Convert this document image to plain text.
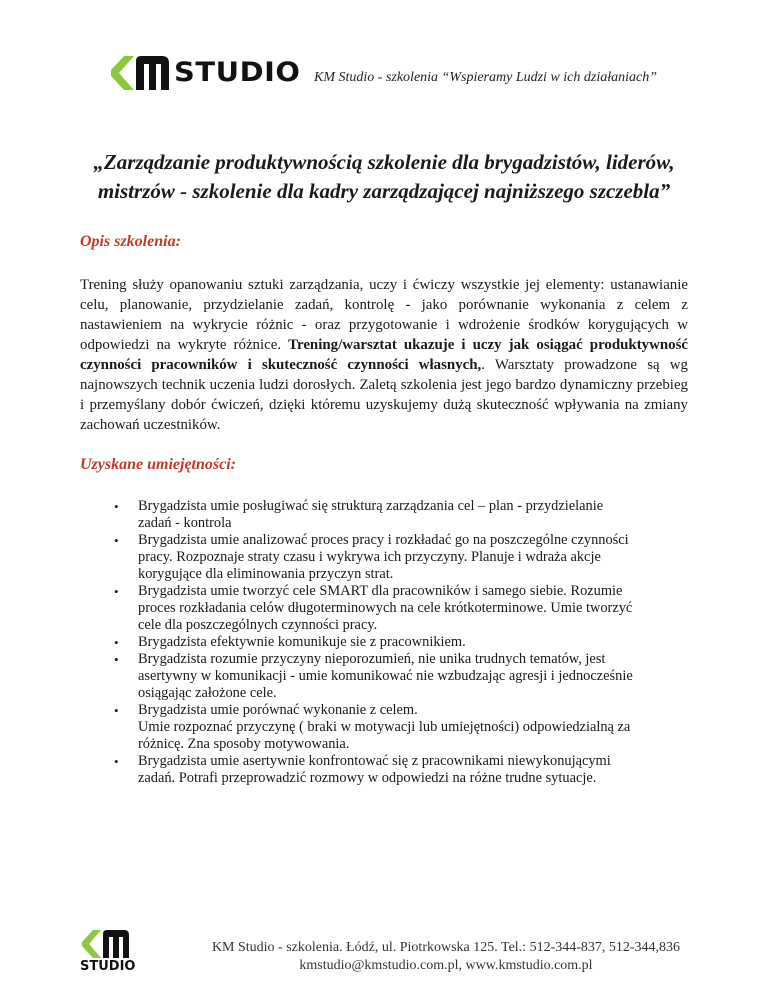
STUDIO KM Studio - szkolenia “Wspieramy Ludzi w ich działaniach”
„Zarządzanie produktywnością szkolenie dla brygadzistów, liderów,
mistrzów - szkolenie dla kadry zarządzającej najniższego szczebla”
Opis szkolenia:
Trening służy opanowaniu sztuki zarządzania, uczy i ćwiczy wszystkie jej elementy: ustanawianie celu, planowanie, przydzielanie zadań, kontrolę - jako porównanie wykonania z celem z nastawieniem na wykrycie różnic - oraz przygotowanie i wdrożenie środków korygujących w odpowiedzi na wykryte różnice. Trening/warsztat ukazuje i uczy jak osiągać produktywność czynności pracowników i skuteczność czynności własnych,. Warsztaty prowadzone są wg najnowszych technik uczenia ludzi dorosłych. Zaletą szkolenia jest jego bardzo dynamiczny przebieg i przemyślany dobór ćwiczeń, dzięki któremu uzyskujemy dużą skuteczność wpływania na zmiany zachowań uczestników.
Uzyskane umiejętności:
• Brygadzista umie posługiwać się strukturą zarządzania cel – plan - przydzielanie
zadań - kontrola
• Brygadzista umie analizować proces pracy i rozkładać go na poszczególne czynności
pracy. Rozpoznaje straty czasu i wykrywa ich przyczyny. Planuje i wdraża akcje
korygujące dla eliminowania przyczyn strat.
• Brygadzista umie tworzyć cele SMART dla pracowników i samego siebie. Rozumie
proces rozkładania celów długoterminowych na cele krótkoterminowe. Umie tworzyć
cele dla poszczególnych czynności pracy.
• Brygadzista efektywnie komunikuje sie z pracownikiem.
• Brygadzista rozumie przyczyny nieporozumień, nie unika trudnych tematów, jest
asertywny w komunikacji - umie komunikować nie wzbudzając agresji i jednocześnie
osiągając założone cele.
• Brygadzista umie porównać wykonanie z celem.
Umie rozpoznać przyczynę ( braki w motywacji lub umiejętności) odpowiedzialną za
różnicę. Zna sposoby motywowania.
• Brygadzista umie asertywnie konfrontować się z pracownikami niewykonującymi
zadań. Potrafi przeprowadzić rozmowy w odpowiedzi na różne trudne sytuacje.
STUDIO
KM Studio - szkolenia. Łódź, ul. Piotrkowska 125. Tel.: 512-344-837, 512-344,836
kmstudio@kmstudio.com.pl, www.kmstudio.com.pl
